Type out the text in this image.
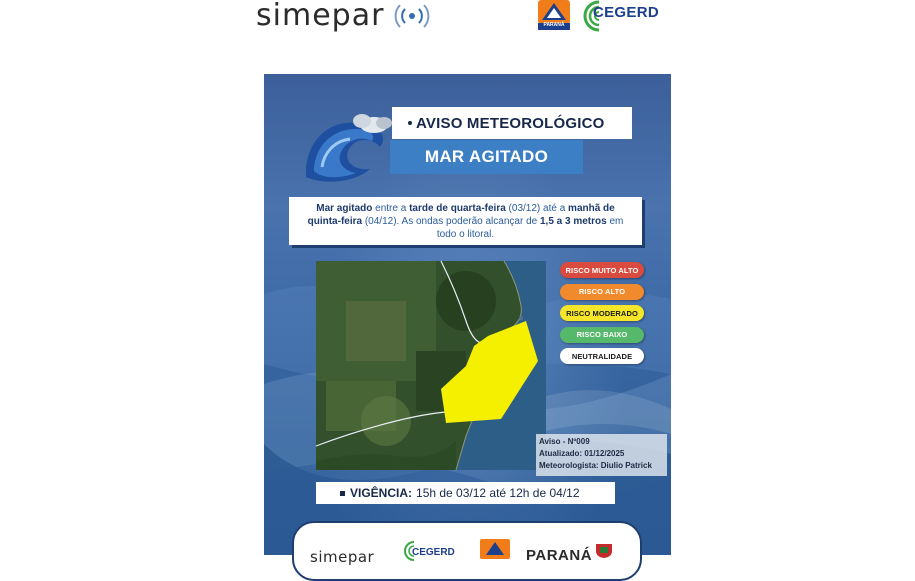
simepar	PARANÁ
CEGERD
AVISO METEOROLÓGICO
MAR AGITADO
Mar agitado entre a tarde de quarta-feira (03/12) até a manhã de quinta-feira (04/12). As ondas poderão alcançar de 1,5 a 3 metros em todo o litoral.
RISCO MUITO ALTO
RISCO ALTO
RISCO MODERADO
RISCO BAIXO
NEUTRALIDADE
Aviso - Nº009
Atualizado: 01/12/2025
Meteorologista: Diulio Patrick
VIGÊNCIA: 15h de 03/12 até 12h de 04/12
simepar	CEGERD	PARANÁ
